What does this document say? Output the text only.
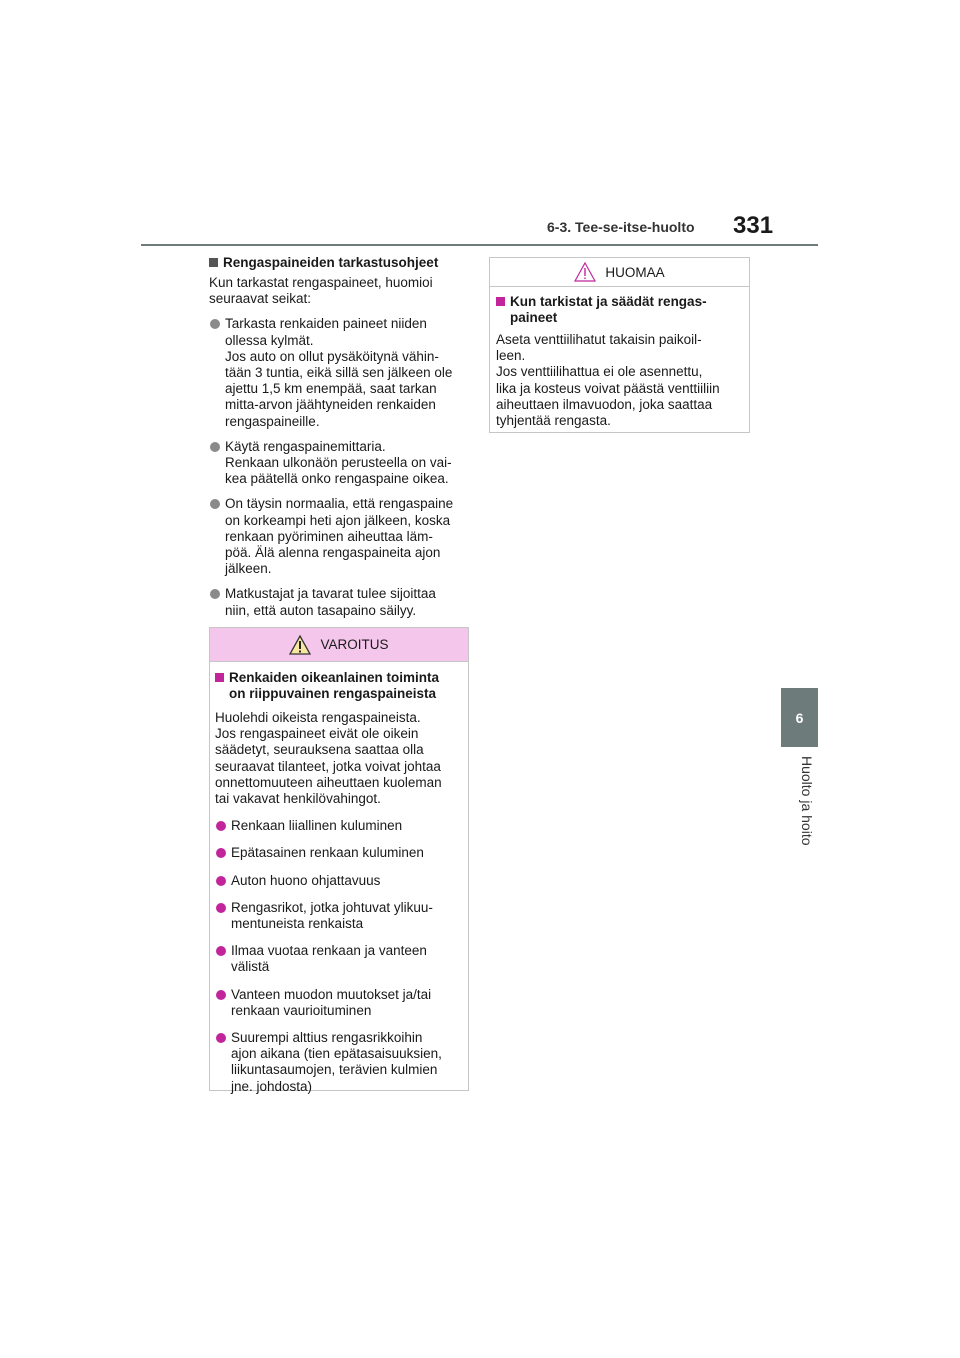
6-3. Tee-se-itse-huolto 331
6
Huolto ja hoito
Rengaspaineiden tarkastusohjeet

Kun tarkastat rengaspaineet, huomioi
seuraavat seikat:

Tarkasta renkaiden paineet niiden
ollessa kylmät.
Jos auto on ollut pysäköitynä vähin-
tään 3 tuntia, eikä sillä sen jälkeen ole
ajettu 1,5 km enempää, saat tarkan
mitta-arvon jäähtyneiden renkaiden
rengaspaineille.
Käytä rengaspainemittaria.
Renkaan ulkonäön perusteella on vai-
kea päätellä onko rengaspaine oikea.
On täysin normaalia, että rengaspaine
on korkeampi heti ajon jälkeen, koska
renkaan pyöriminen aiheuttaa läm-
pöä. Älä alenna rengaspaineita ajon
jälkeen.
Matkustajat ja tavarat tulee sijoittaa
niin, että auton tasapaino säilyy.
VAROITUS
Renkaiden oikeanlainen toiminta
on riippuvainen rengaspaineista

Huolehdi oikeista rengaspaineista.
Jos rengaspaineet eivät ole oikein
säädetyt, seurauksena saattaa olla
seuraavat tilanteet, jotka voivat johtaa
onnettomuuteen aiheuttaen kuoleman
tai vakavat henkilövahingot.

Renkaan liiallinen kuluminen
Epätasainen renkaan kuluminen
Auton huono ohjattavuus
Rengasrikot, jotka johtuvat ylikuu-
mentuneista renkaista
Ilmaa vuotaa renkaan ja vanteen
välistä
Vanteen muodon muutokset ja/tai
renkaan vaurioituminen
Suurempi alttius rengasrikkoihin
ajon aikana (tien epätasaisuuksien,
liikuntasaumojen, terävien kulmien
jne. johdosta)
HUOMAA
Kun tarkistat ja säädät rengas-
paineet

Aseta venttiilihatut takaisin paikoil-
leen.
Jos venttiilihattua ei ole asennettu,
lika ja kosteus voivat päästä venttiiliin
aiheuttaen ilmavuodon, joka saattaa
tyhjentää rengasta.
